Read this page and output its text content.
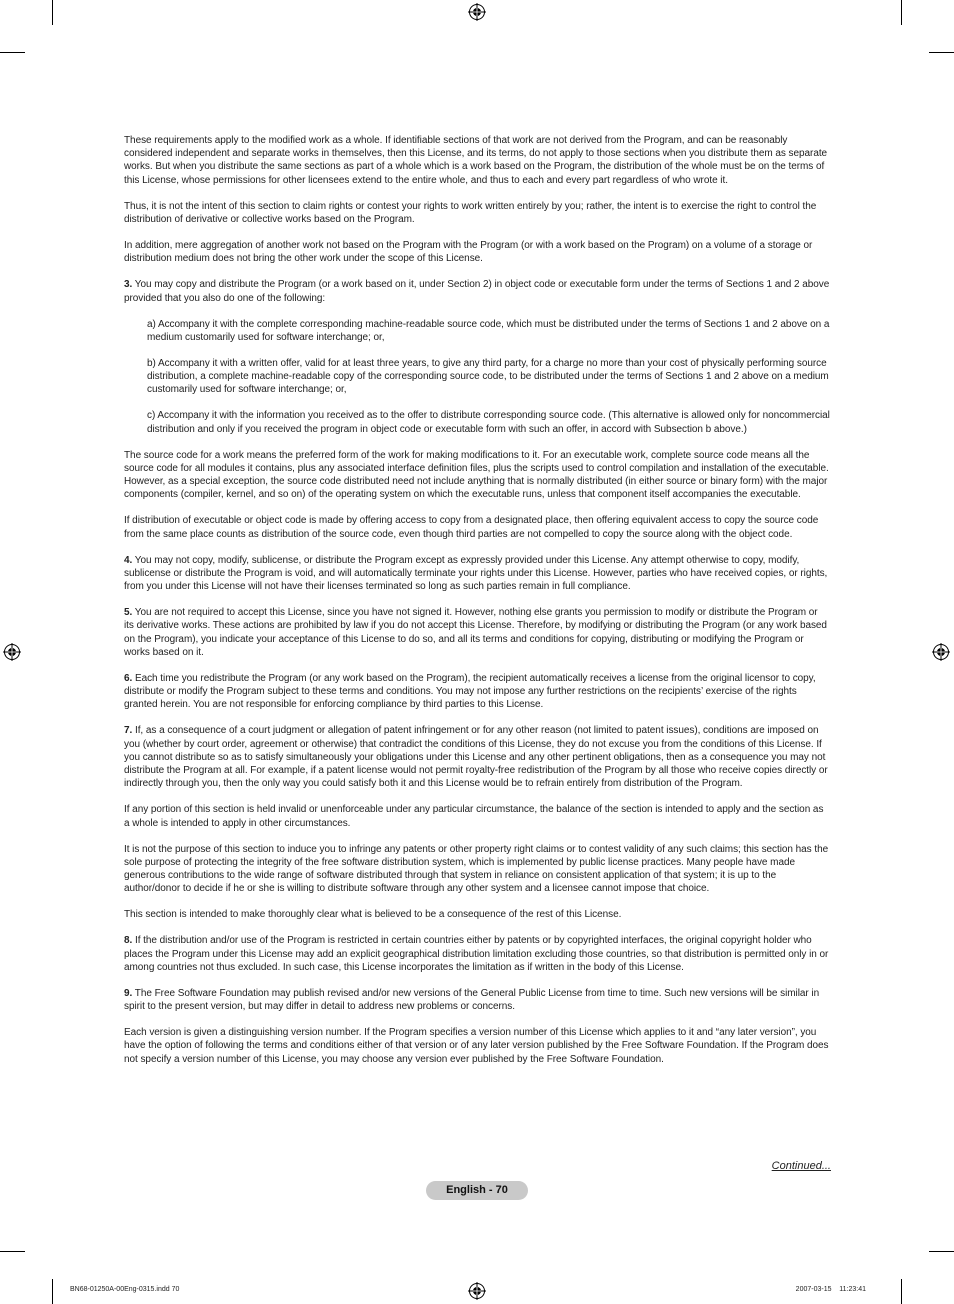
These requirements apply to the modified work as a whole. If identifiable sections of that work are not derived from the Program, and can be reasonably considered independent and separate works in themselves, then this License, and its terms, do not apply to those sections when you distribute them as separate works. But when you distribute the same sections as part of a whole which is a work based on the Program, the distribution of the whole must be on the terms of this License, whose permissions for other licensees extend to the entire whole, and thus to each and every part regardless of who wrote it.

Thus, it is not the intent of this section to claim rights or contest your rights to work written entirely by you; rather, the intent is to exercise the right to control the distribution of derivative or collective works based on the Program.

In addition, mere aggregation of another work not based on the Program with the Program (or with a work based on the Program) on a volume of a storage or distribution medium does not bring the other work under the scope of this License.

3. You may copy and distribute the Program (or a work based on it, under Section 2) in object code or executable form under the terms of Sections 1 and 2 above provided that you also do one of the following:

a) Accompany it with the complete corresponding machine-readable source code, which must be distributed under the terms of Sections 1 and 2 above on a medium customarily used for software interchange; or,

b) Accompany it with a written offer, valid for at least three years, to give any third party, for a charge no more than your cost of physically performing source distribution, a complete machine-readable copy of the corresponding source code, to be distributed under the terms of Sections 1 and 2 above on a medium customarily used for software interchange; or,

c) Accompany it with the information you received as to the offer to distribute corresponding source code. (This alternative is allowed only for noncommercial distribution and only if you received the program in object code or executable form with such an offer, in accord with Subsection b above.)

The source code for a work means the preferred form of the work for making modifications to it. For an executable work, complete source code means all the source code for all modules it contains, plus any associated interface definition files, plus the scripts used to control compilation and installation of the executable. However, as a special exception, the source code distributed need not include anything that is normally distributed (in either source or binary form) with the major components (compiler, kernel, and so on) of the operating system on which the executable runs, unless that component itself accompanies the executable.

If distribution of executable or object code is made by offering access to copy from a designated place, then offering equivalent access to copy the source code from the same place counts as distribution of the source code, even though third parties are not compelled to copy the source along with the object code.

4. You may not copy, modify, sublicense, or distribute the Program except as expressly provided under this License. Any attempt otherwise to copy, modify, sublicense or distribute the Program is void, and will automatically terminate your rights under this License. However, parties who have received copies, or rights, from you under this License will not have their licenses terminated so long as such parties remain in full compliance.

5. You are not required to accept this License, since you have not signed it. However, nothing else grants you permission to modify or distribute the Program or its derivative works. These actions are prohibited by law if you do not accept this License. Therefore, by modifying or distributing the Program (or any work based on the Program), you indicate your acceptance of this License to do so, and all its terms and conditions for copying, distributing or modifying the Program or works based on it.

6. Each time you redistribute the Program (or any work based on the Program), the recipient automatically receives a license from the original licensor to copy, distribute or modify the Program subject to these terms and conditions. You may not impose any further restrictions on the recipients’ exercise of the rights granted herein. You are not responsible for enforcing compliance by third parties to this License.

7. If, as a consequence of a court judgment or allegation of patent infringement or for any other reason (not limited to patent issues), conditions are imposed on you (whether by court order, agreement or otherwise) that contradict the conditions of this License, they do not excuse you from the conditions of this License. If you cannot distribute so as to satisfy simultaneously your obligations under this License and any other pertinent obligations, then as a consequence you may not distribute the Program at all. For example, if a patent license would not permit royalty-free redistribution of the Program by all those who receive copies directly or indirectly through you, then the only way you could satisfy both it and this License would be to refrain entirely from distribution of the Program.

If any portion of this section is held invalid or unenforceable under any particular circumstance, the balance of the section is intended to apply and the section as a whole is intended to apply in other circumstances.

It is not the purpose of this section to induce you to infringe any patents or other property right claims or to contest validity of any such claims; this section has the sole purpose of protecting the integrity of the free software distribution system, which is implemented by public license practices. Many people have made generous contributions to the wide range of software distributed through that system in reliance on consistent application of that system; it is up to the author/donor to decide if he or she is willing to distribute software through any other system and a licensee cannot impose that choice.

This section is intended to make thoroughly clear what is believed to be a consequence of the rest of this License.

8. If the distribution and/or use of the Program is restricted in certain countries either by patents or by copyrighted interfaces, the original copyright holder who places the Program under this License may add an explicit geographical distribution limitation excluding those countries, so that distribution is permitted only in or among countries not thus excluded. In such case, this License incorporates the limitation as if written in the body of this License.

9. The Free Software Foundation may publish revised and/or new versions of the General Public License from time to time. Such new versions will be similar in spirit to the present version, but may differ in detail to address new problems or concerns.

Each version is given a distinguishing version number. If the Program specifies a version number of this License which applies to it and “any later version”, you have the option of following the terms and conditions either of that version or of any later version published by the Free Software Foundation. If the Program does not specify a version number of this License, you may choose any version ever published by the Free Software Foundation.

Continued...
English - 70
BN68-01250A-00Eng-0315.indd 70	2007-03-15    11:23:41
